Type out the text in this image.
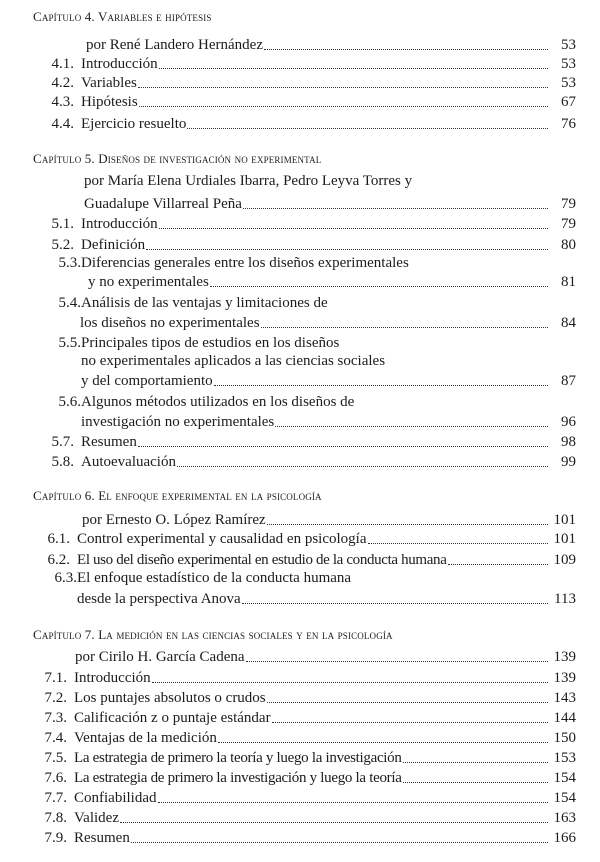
Capítulo 4. Variables e hipótesis
por René Landero Hernández	53
4.1. Introducción	53
4.2. Variables	53
4.3. Hipótesis	67
4.4. Ejercicio resuelto	76
Capítulo 5. Diseños de investigación no experimental
por María Elena Urdiales Ibarra, Pedro Leyva Torres y
Guadalupe Villarreal Peña	79
5.1. Introducción	79
5.2. Definición	80
5.3. Diferencias generales entre los diseños experimentales
y no experimentales	81
5.4. Análisis de las ventajas y limitaciones de
los diseños no experimentales	84
5.5. Principales tipos de estudios en los diseños
no experimentales aplicados a las ciencias sociales
y del comportamiento	87
5.6. Algunos métodos utilizados en los diseños de
investigación no experimentales	96
5.7. Resumen	98
5.8. Autoevaluación	99
Capítulo 6. El enfoque experimental en la psicología
por Ernesto O. López Ramírez	101
6.1. Control experimental y causalidad en psicología	101
6.2. El uso del diseño experimental en estudio de la conducta humana	109
6.3. El enfoque estadístico de la conducta humana
desde la perspectiva Anova	113
Capítulo 7. La medición en las ciencias sociales y en la psicología
por Cirilo H. García Cadena	139
7.1. Introducción	139
7.2. Los puntajes absolutos o crudos	143
7.3. Calificación z o puntaje estándar	144
7.4. Ventajas de la medición	150
7.5. La estrategia de primero la teoría y luego la investigación	153
7.6. La estrategia de primero la investigación y luego la teoría	154
7.7. Confiabilidad	154
7.8. Validez	163
7.9. Resumen	166
